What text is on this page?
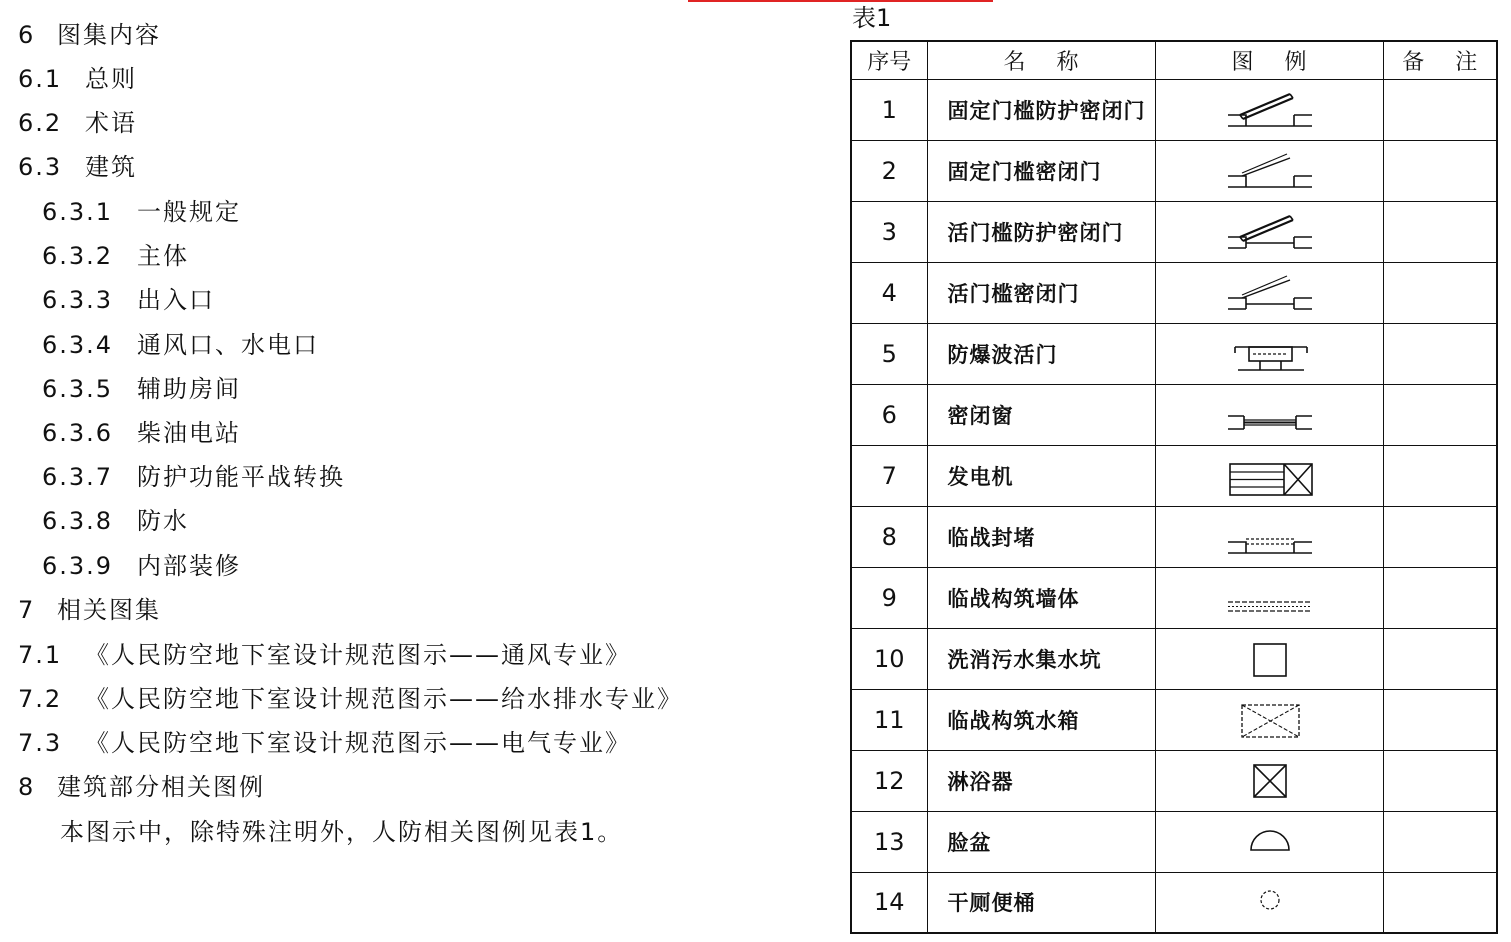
6 图集内容
6.1 总则
6.2 术语
6.3 建筑
6.3.1 一般规定
6.3.2 主体
6.3.3 出入口
6.3.4 通风口、水电口
6.3.5 辅助房间
6.3.6 柴油电站
6.3.7 防护功能平战转换
6.3.8 防水
6.3.9 内部装修
7 相关图集
7.1 《人民防空地下室设计规范图示——通风专业》
7.2 《人民防空地下室设计规范图示——给水排水专业》
7.3 《人民防空地下室设计规范图示——电气专业》
8 建筑部分相关图例
本图示中，除特殊注明外，人防相关图例见表1。
表1
序号	名 称	图 例	备 注
1	固定门槛防护密闭门	

2	固定门槛密闭门	

3	活门槛防护密闭门	

4	活门槛密闭门	

5	防爆波活门	

6	密闭窗	

7	发电机	

8	临战封堵	

9	临战构筑墙体	

10	洗消污水集水坑	

11	临战构筑水箱	

12	淋浴器	

13	脸盆	

14	干厕便桶	
